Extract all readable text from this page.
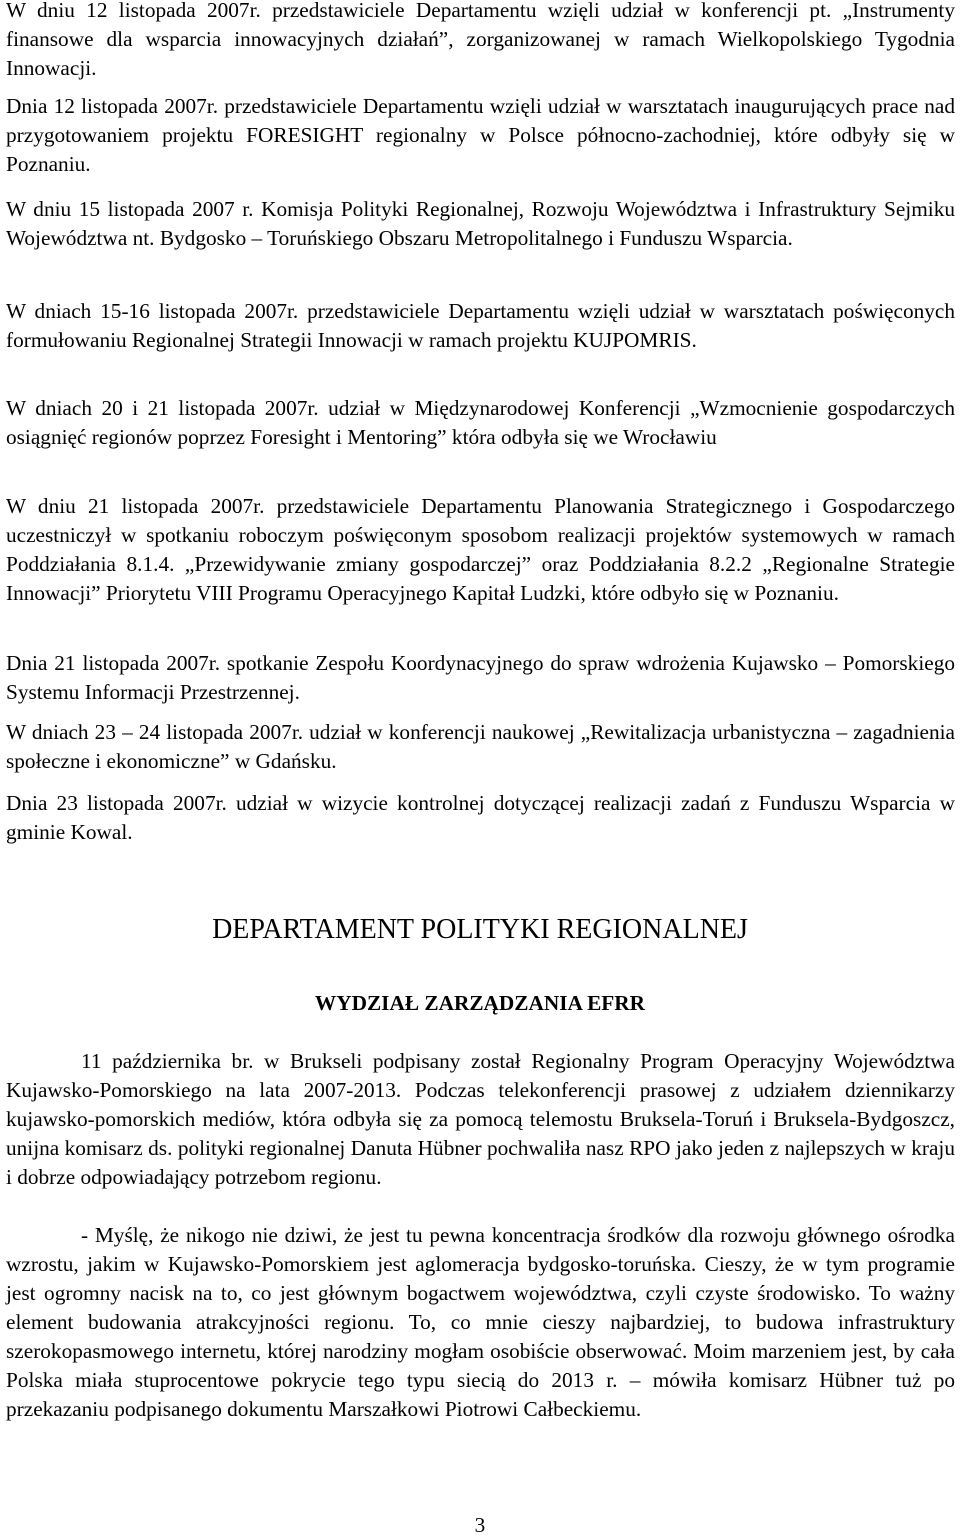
W dniu 12 listopada 2007r. przedstawiciele Departamentu wzięli udział w konferencji pt. „Instrumenty finansowe dla wsparcia innowacyjnych działań”, zorganizowanej w ramach Wielkopolskiego Tygodnia Innowacji.

Dnia 12 listopada 2007r. przedstawiciele Departamentu wzięli udział w warsztatach inaugurujących prace nad przygotowaniem projektu FORESIGHT regionalny w Polsce północno-zachodniej, które odbyły się w Poznaniu.

W dniu 15 listopada 2007 r. Komisja Polityki Regionalnej, Rozwoju Województwa i Infrastruktury Sejmiku Województwa nt. Bydgosko – Toruńskiego Obszaru Metropolitalnego i Funduszu Wsparcia.

W dniach 15-16 listopada 2007r. przedstawiciele Departamentu wzięli udział w warsztatach poświęconych formułowaniu Regionalnej Strategii Innowacji w ramach projektu KUJPOMRIS.

W dniach 20 i 21 listopada 2007r. udział w Międzynarodowej Konferencji „Wzmocnienie gospodarczych osiągnięć regionów poprzez Foresight i Mentoring” która odbyła się we Wrocławiu

W dniu 21 listopada 2007r. przedstawiciele Departamentu Planowania Strategicznego i Gospodarczego uczestniczył w spotkaniu roboczym poświęconym sposobom realizacji projektów systemowych w ramach Poddziałania 8.1.4. „Przewidywanie zmiany gospodarczej” oraz Poddziałania 8.2.2 „Regionalne Strategie Innowacji” Priorytetu VIII Programu Operacyjnego Kapitał Ludzki, które odbyło się w Poznaniu.

Dnia 21 listopada 2007r. spotkanie Zespołu Koordynacyjnego do spraw wdrożenia Kujawsko – Pomorskiego Systemu Informacji Przestrzennej.

W dniach 23 – 24 listopada 2007r. udział w konferencji naukowej „Rewitalizacja urbanistyczna – zagadnienia społeczne i ekonomiczne” w Gdańsku.

Dnia 23 listopada 2007r. udział w wizycie kontrolnej dotyczącej realizacji zadań z Funduszu Wsparcia w gminie Kowal.

DEPARTAMENT POLITYKI REGIONALNEJ
WYDZIAŁ ZARZĄDZANIA EFRR

11 października br. w Brukseli podpisany został Regionalny Program Operacyjny Województwa Kujawsko-Pomorskiego na lata 2007-2013. Podczas telekonferencji prasowej z udziałem dziennikarzy kujawsko-pomorskich mediów, która odbyła się za pomocą telemostu Bruksela-Toruń i Bruksela-Bydgoszcz, unijna komisarz ds. polityki regionalnej Danuta Hübner pochwaliła nasz RPO jako jeden z najlepszych w kraju i dobrze odpowiadający potrzebom regionu.

- Myślę, że nikogo nie dziwi, że jest tu pewna koncentracja środków dla rozwoju głównego ośrodka wzrostu, jakim w Kujawsko-Pomorskiem jest aglomeracja bydgosko-toruńska. Cieszy, że w tym programie jest ogromny nacisk na to, co jest głównym bogactwem województwa, czyli czyste środowisko. To ważny element budowania atrakcyjności regionu. To, co mnie cieszy najbardziej, to budowa infrastruktury szerokopasmowego internetu, której narodziny mogłam osobiście obserwować. Moim marzeniem jest, by cała Polska miała stuprocentowe pokrycie tego typu siecią do 2013 r. – mówiła komisarz Hübner tuż po przekazaniu podpisanego dokumentu Marszałkowi Piotrowi Całbeckiemu.

3
